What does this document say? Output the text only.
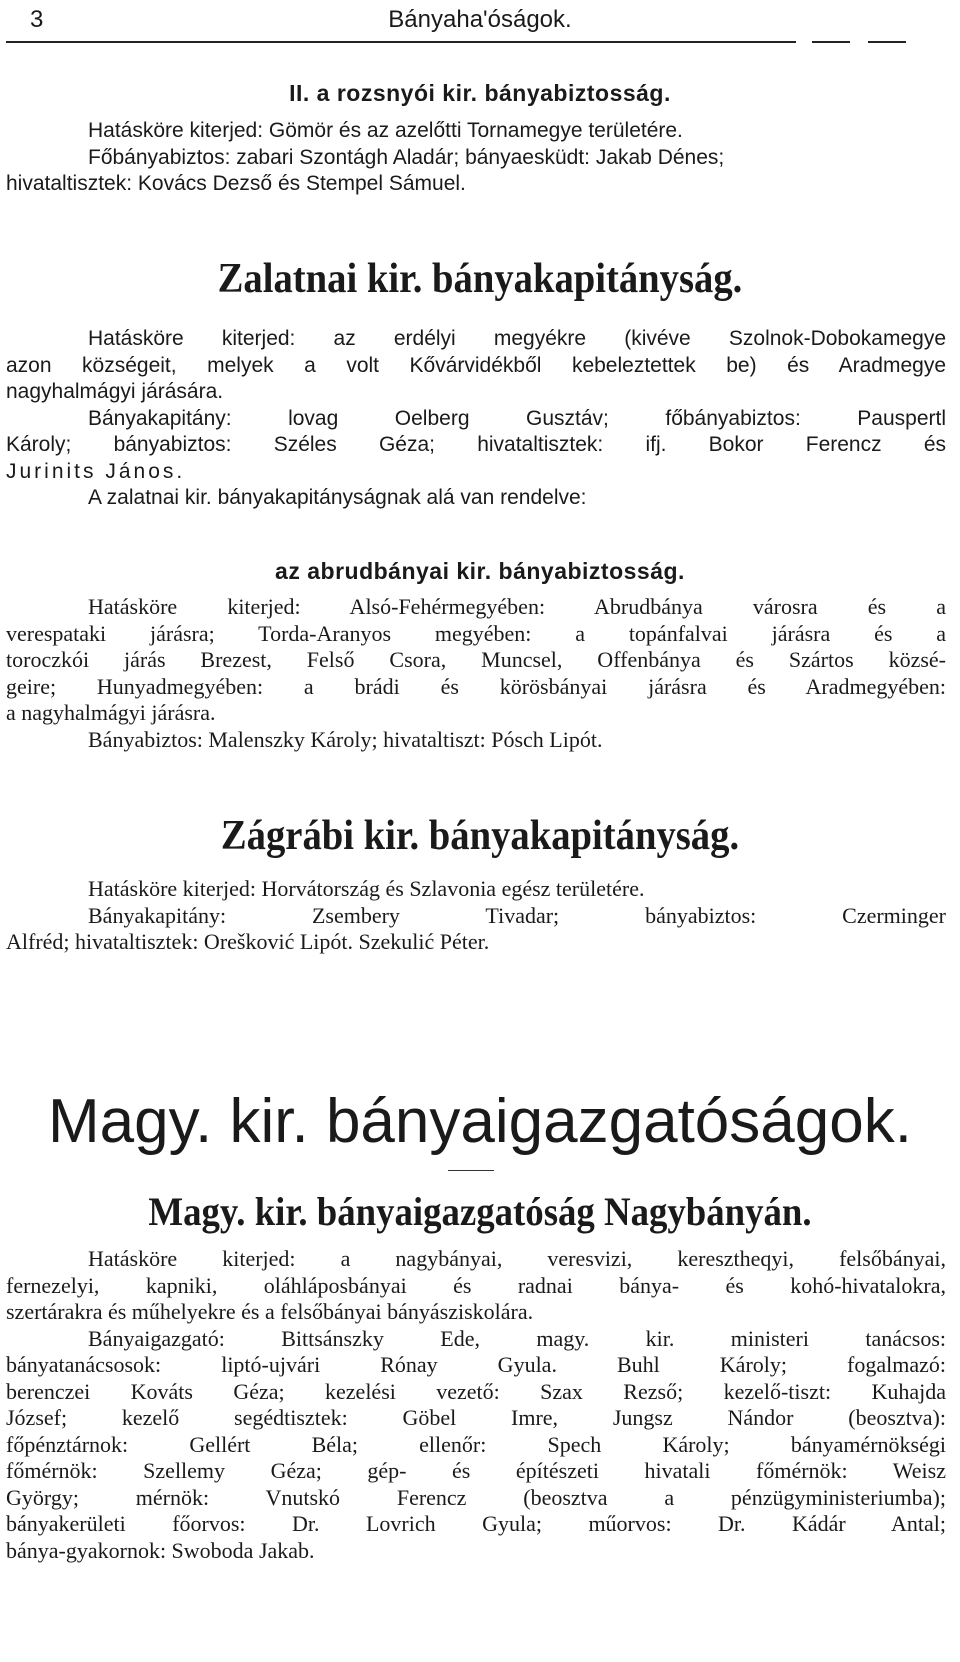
3	Bányaha'óságok.
II. a rozsnyói kir. bányabiztosság.
Hatásköre kiterjed: Gömör és az azelőtti Tornamegye területére.
Főbányabiztos: zabari Szontágh Aladár; bányaesküdt: Jakab Dénes;
hivataltisztek: Kovács Dezső és Stempel Sámuel.
Zalatnai kir. bányakapitányság.
Hatásköre kiterjed: az erdélyi megyékre (kivéve Szolnok-Dobokamegye
azon községeit, melyek a volt Kővárvidékből kebeleztettek be) és Aradmegye
nagyhalmágyi járására.
Bányakapitány: lovag Oelberg Gusztáv; főbányabiztos: Pauspertl
Károly; bányabiztos: Széles Géza; hivataltisztek: ifj. Bokor Ferencz és
Jurinits János.
A zalatnai kir. bányakapitányságnak alá van rendelve:
az abrudbányai kir. bányabiztosság.
Hatásköre kiterjed: Alsó-Fehérmegyében: Abrudbánya városra és a
verespataki járásra; Torda-Aranyos megyében: a topánfalvai járásra és a
toroczkói járás Brezest, Felső Csora, Muncsel, Offenbánya és Szártos közsé-
geire; Hunyadmegyében: a brádi és körösbányai járásra és Aradmegyében:
a nagyhalmágyi járásra.
Bányabiztos: Malenszky Károly; hivataltiszt: Pósch Lipót.
Zágrábi kir. bányakapitányság.
Hatásköre kiterjed: Horvátország és Szlavonia egész területére.
Bányakapitány: Zsembery Tivadar; bányabiztos: Czerminger
Alfréd; hivataltisztek: Orešković Lipót. Szekulić Péter.
Magy. kir. bányaigazgatóságok.
Magy. kir. bányaigazgatóság Nagybányán.
Hatásköre kiterjed: a nagybányai, veresvizi, keresztheqyi, felsőbányai,
fernezelyi, kapniki, oláhláposbányai és radnai bánya- és kohó-hivatalokra,
szertárakra és műhelyekre és a felsőbányai bányásziskolára.
Bányaigazgató: Bittsánszky Ede, magy. kir. ministeri tanácsos:
bányatanácsosok: liptó-ujvári Rónay Gyula. Buhl Károly; fogalmazó:
berenczei Kováts Géza; kezelési vezető: Szax Rezső; kezelő-tiszt: Kuhajda
József; kezelő segédtisztek: Göbel Imre, Jungsz Nándor (beosztva):
főpénztárnok: Gellért Béla; ellenőr: Spech Károly; bányamérnökségi
főmérnök: Szellemy Géza; gép- és építészeti hivatali főmérnök: Weisz
György; mérnök: Vnutskó Ferencz (beosztva a pénzügyministeriumba);
bányakerületi főorvos: Dr. Lovrich Gyula; műorvos: Dr. Kádár Antal;
bánya-gyakornok: Swoboda Jakab.
